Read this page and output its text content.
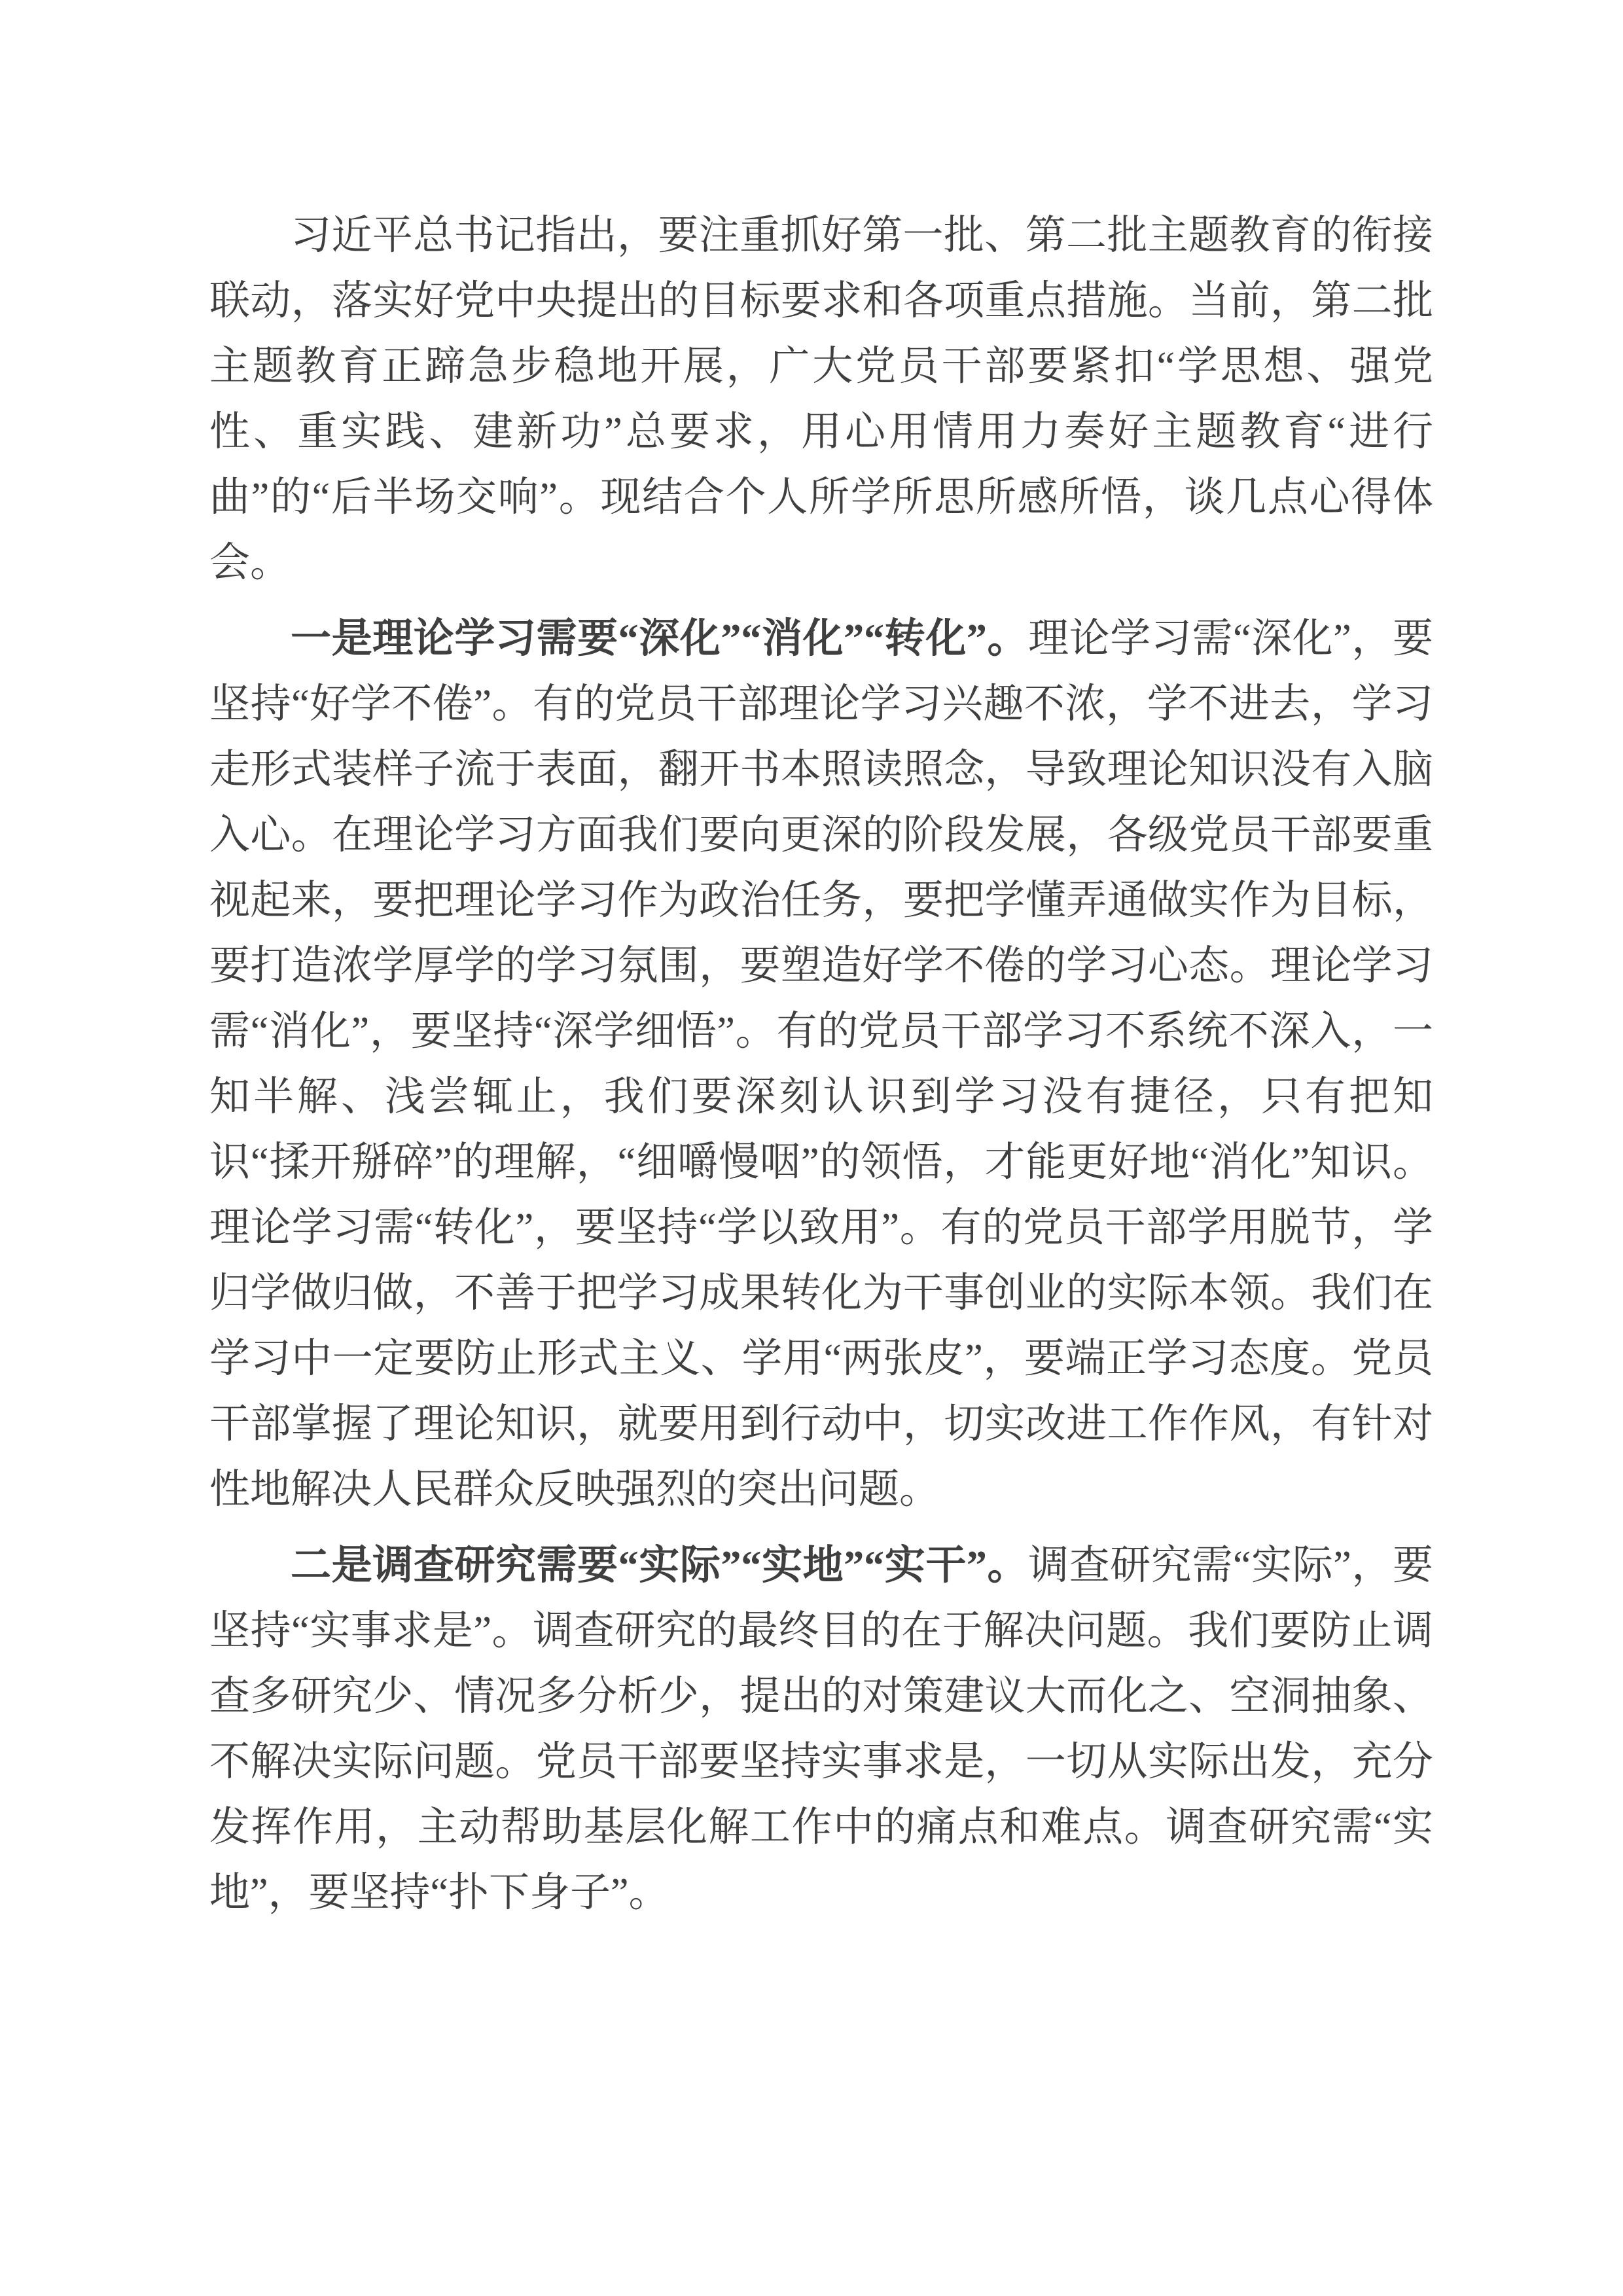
习近平总书记指出，要注重抓好第一批、第二批主题教育的衔接联动，落实好党中央提出的目标要求和各项重点措施。当前，第二批主题教育正蹄急步稳地开展，广大党员干部要紧扣“学思想、强党性、重实践、建新功”总要求，用心用情用力奏好主题教育“进行曲”的“后半场交响”。现结合个人所学所思所感所悟，谈几点心得体会。

一是理论学习需要“深化”“消化”“转化”。理论学习需“深化”，要坚持“好学不倦”。有的党员干部理论学习兴趣不浓，学不进去，学习走形式装样子流于表面，翻开书本照读照念，导致理论知识没有入脑入心。在理论学习方面我们要向更深的阶段发展，各级党员干部要重视起来，要把理论学习作为政治任务，要把学懂弄通做实作为目标，要打造浓学厚学的学习氛围，要塑造好学不倦的学习心态。理论学习需“消化”，要坚持“深学细悟”。有的党员干部学习不系统不深入，一知半解、浅尝辄止，我们要深刻认识到学习没有捷径，只有把知识“揉开掰碎”的理解，“细嚼慢咽”的领悟，才能更好地“消化”知识。理论学习需“转化”，要坚持“学以致用”。有的党员干部学用脱节，学归学做归做，不善于把学习成果转化为干事创业的实际本领。我们在学习中一定要防止形式主义、学用“两张皮”，要端正学习态度。党员干部掌握了理论知识，就要用到行动中，切实改进工作作风，有针对性地解决人民群众反映强烈的突出问题。

二是调查研究需要“实际”“实地”“实干”。调查研究需“实际”，要坚持“实事求是”。调查研究的最终目的在于解决问题。我们要防止调查多研究少、情况多分析少，提出的对策建议大而化之、空洞抽象、不解决实际问题。党员干部要坚持实事求是，一切从实际出发，充分发挥作用，主动帮助基层化解工作中的痛点和难点。调查研究需“实地”，要坚持“扑下身子”。
